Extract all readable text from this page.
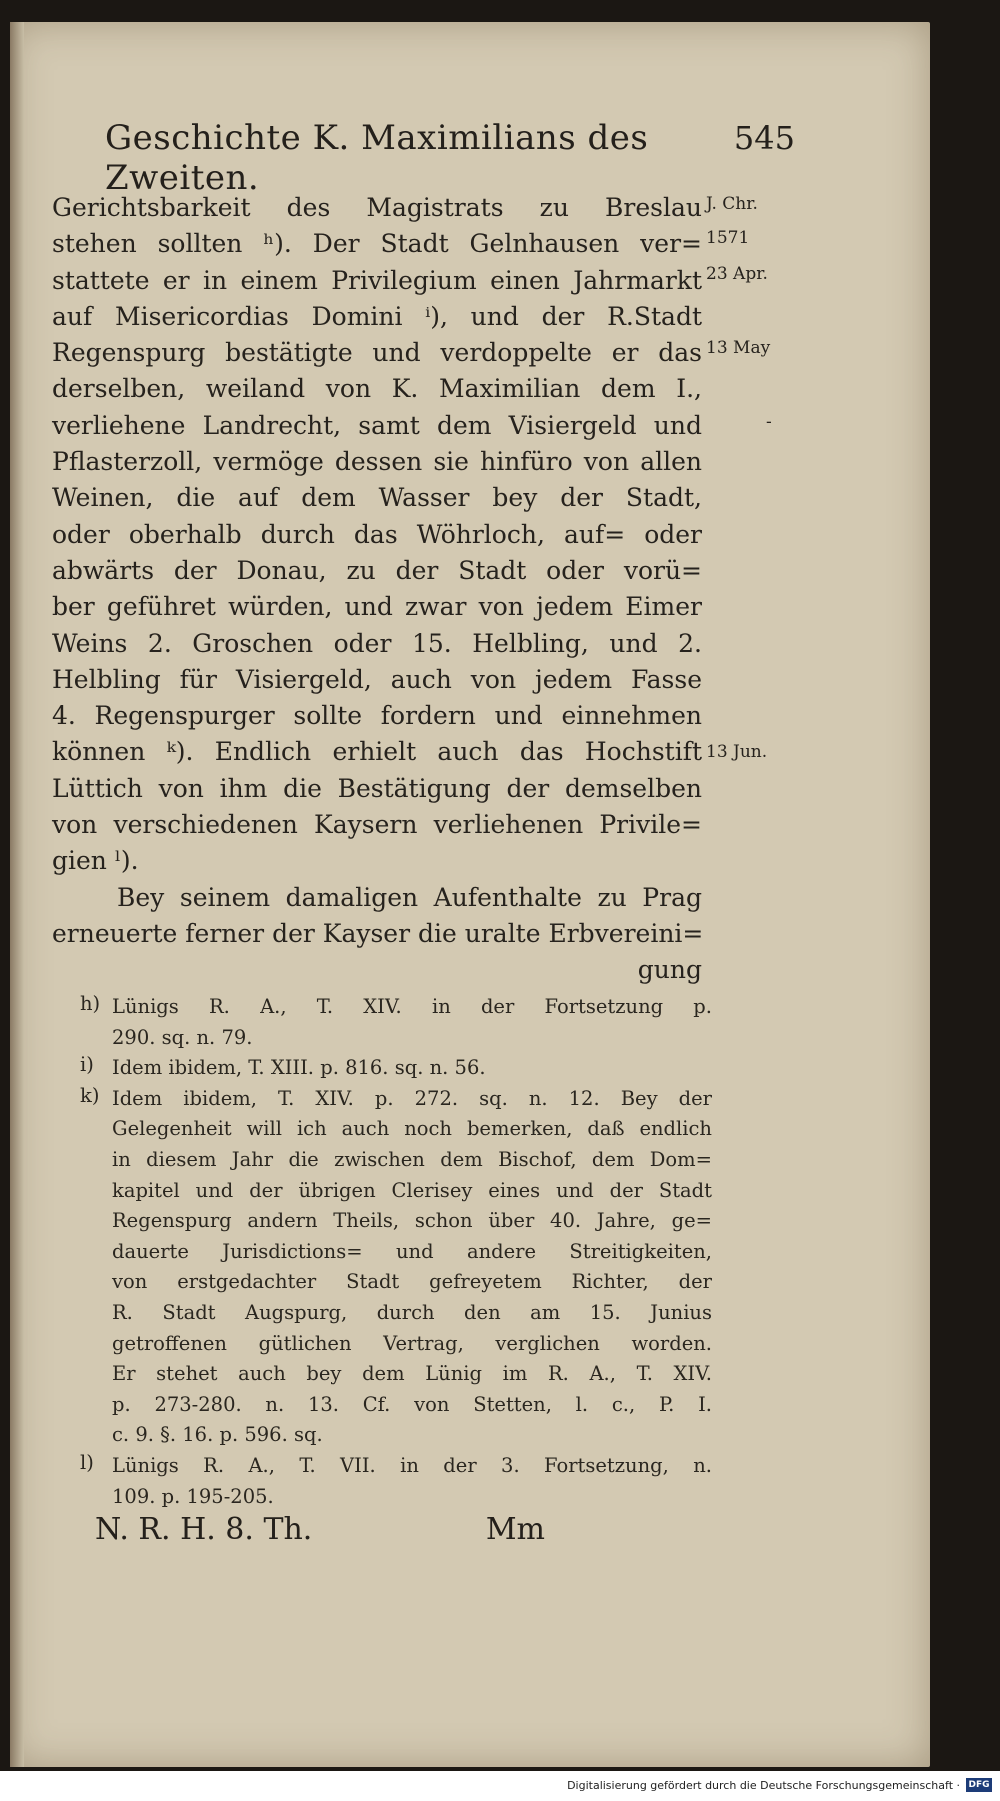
Geschichte K. Maximilians des Zweiten.
545
Gerichtsbarkeit des Magistrats zu Breslau
stehen sollten ʰ). Der Stadt Gelnhausen ver=
stattete er in einem Privilegium einen Jahrmarkt
auf Misericordias Domini ⁱ), und der R.Stadt
Regenspurg bestätigte und verdoppelte er das
derselben, weiland von K. Maximilian dem I.,
verliehene Landrecht, samt dem Visiergeld und
Pflasterzoll, vermöge dessen sie hinfüro von allen
Weinen, die auf dem Wasser bey der Stadt,
oder oberhalb durch das Wöhrloch, auf= oder
abwärts der Donau, zu der Stadt oder vorü=
ber geführet würden, und zwar von jedem Eimer
Weins 2. Groschen oder 15. Helbling, und 2.
Helbling für Visiergeld, auch von jedem Fasse
4. Regenspurger sollte fordern und einnehmen
können ᵏ). Endlich erhielt auch das Hochstift
Lüttich von ihm die Bestätigung der demselben
von verschiedenen Kaysern verliehenen Privile=
gien ˡ).
Bey seinem damaligen Aufenthalte zu Prag
erneuerte ferner der Kayser die uralte Erbvereini=
gung
J. Chr.
1571
23 Apr.
13 May
-
13 Jun.
h) Lünigs R. A., T. XIV. in der Fortsetzung p.
290. sq. n. 79.
i) Idem ibidem, T. XIII. p. 816. sq. n. 56.
k) Idem ibidem, T. XIV. p. 272. sq. n. 12. Bey der
Gelegenheit will ich auch noch bemerken, daß endlich
in diesem Jahr die zwischen dem Bischof, dem Dom=
kapitel und der übrigen Clerisey eines und der Stadt
Regenspurg andern Theils, schon über 40. Jahre, ge=
dauerte Jurisdictions= und andere Streitigkeiten,
von erstgedachter Stadt gefreyetem Richter, der
R. Stadt Augspurg, durch den am 15. Junius
getroffenen gütlichen Vertrag, verglichen worden.
Er stehet auch bey dem Lünig im R. A., T. XIV.
p. 273-280. n. 13. Cf. von Stetten, l. c., P. I.
c. 9. §. 16. p. 596. sq.
l) Lünigs R. A., T. VII. in der 3. Fortsetzung, n.
109. p. 195-205.
N. R. H. 8. Th.	Mm
Digitalisierung gefördert durch die Deutsche Forschungsgemeinschaft · DFG
